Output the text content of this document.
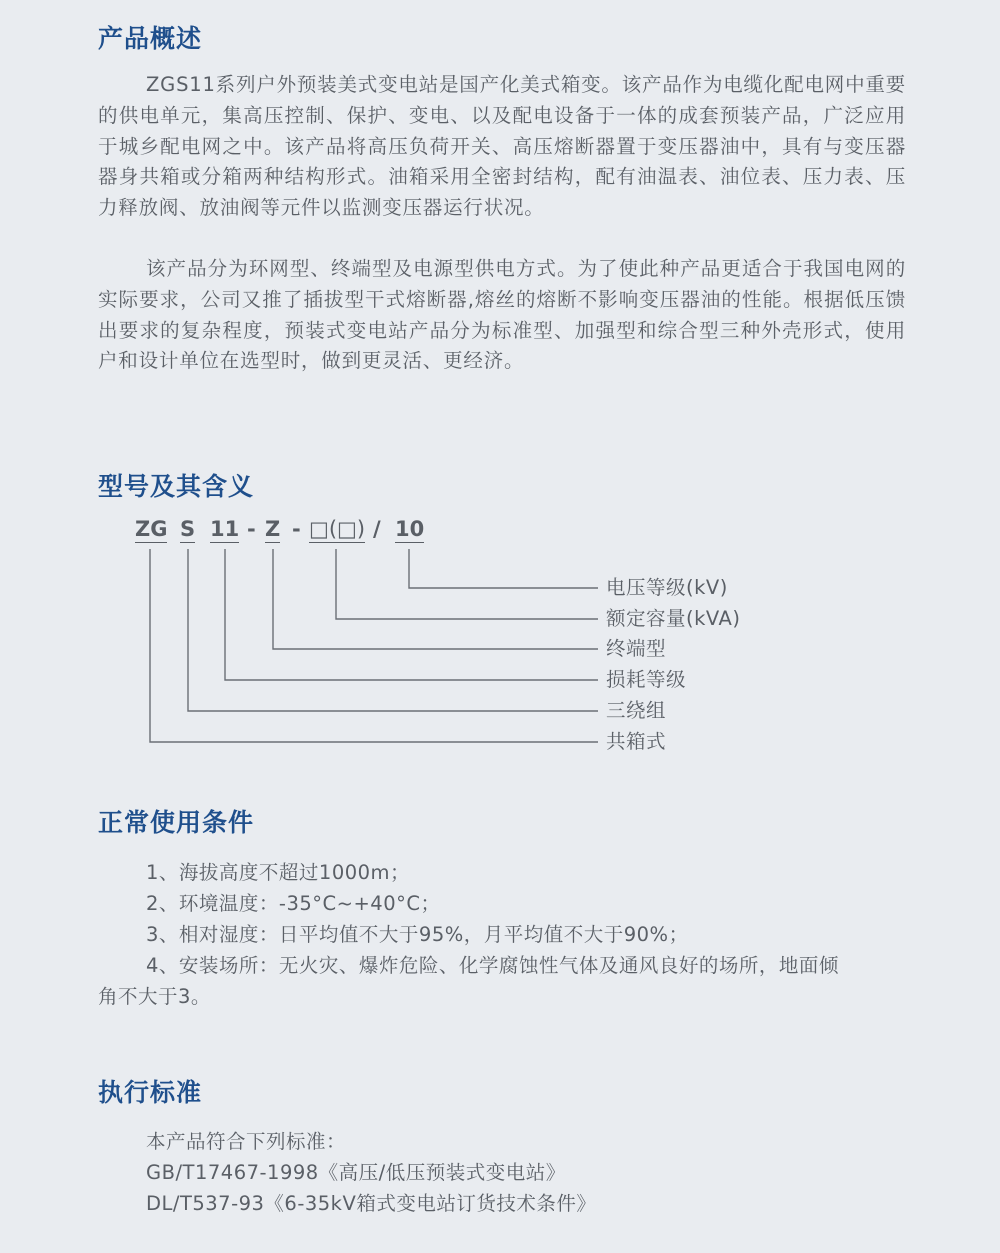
产品概述

ZGS11系列户外预装美式变电站是国产化美式箱变。该产品作为电缆化配电网中重要的供电单元，集高压控制、保护、变电、以及配电设备于一体的成套预装产品，广泛应用于城乡配电网之中。该产品将高压负荷开关、高压熔断器置于变压器油中，具有与变压器器身共箱或分箱两种结构形式。油箱采用全密封结构，配有油温表、油位表、压力表、压力释放阀、放油阀等元件以监测变压器运行状况。

该产品分为环网型、终端型及电源型供电方式。为了使此种产品更适合于我国电网的实际要求，公司又推了插拔型干式熔断器,熔丝的熔断不影响变压器油的性能。根据低压馈出要求的复杂程度，预装式变电站产品分为标准型、加强型和综合型三种外壳形式，使用户和设计单位在选型时，做到更灵活、更经济。

型号及其含义
ZG S 11 - Z - □(□) / 10
电压等级(kV)
额定容量(kVA)
终端型
损耗等级
三绕组
共箱式
正常使用条件
1、海拔高度不超过1000m；
2、环境温度：-35°C~+40°C；
3、相对湿度：日平均值不大于95%，月平均值不大于90%；
4、安装场所：无火灾、爆炸危险、化学腐蚀性气体及通风良好的场所，地面倾
角不大于3。
执行标准
本产品符合下列标准：
GB/T17467-1998《高压/低压预装式变电站》
DL/T537-93《6-35kV箱式变电站订货技术条件》
